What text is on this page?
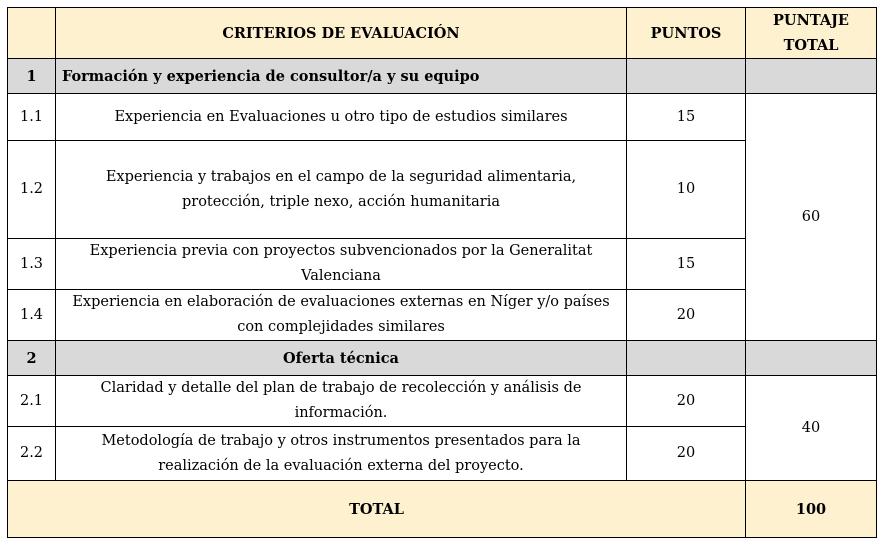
	CRITERIOS DE EVALUACIÓN	PUNTOS	PUNTAJE TOTAL
1	Formación y experiencia de consultor/a y su equipo		
1.1	Experiencia en Evaluaciones u otro tipo de estudios similares	15	60
1.2	Experiencia y trabajos en el campo de la seguridad alimentaria, protección, triple nexo, acción humanitaria	10	
1.3	Experiencia previa con proyectos subvencionados por la Generalitat Valenciana	15	
1.4	Experiencia en elaboración de evaluaciones externas en Níger y/o países con complejidades similares	20	
2	Oferta técnica		
2.1	Claridad y detalle del plan de trabajo de recolección y análisis de información.	20	40
2.2	Metodología de trabajo y otros instrumentos presentados para la realización de la evaluación externa del proyecto.	20	
TOTAL			100
